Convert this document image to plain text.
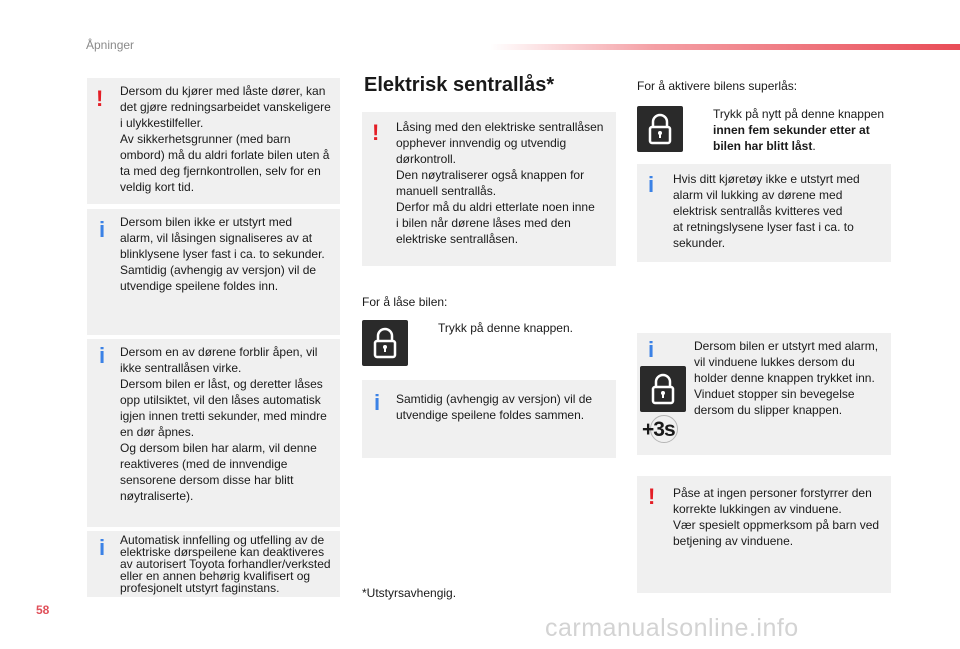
Åpninger
! Dersom du kjører med låste dører, kan
det gjøre redningsarbeidet vanskeligere
i ulykkestilfeller.
Av sikkerhetsgrunner (med barn
ombord) må du aldri forlate bilen uten å
ta med deg fjernkontrollen, selv for en
veldig kort tid.
i Dersom bilen ikke er utstyrt med
alarm, vil låsingen signaliseres av at
blinklysene lyser fast i ca. to sekunder.
Samtidig (avhengig av versjon) vil de
utvendige speilene foldes inn.
i Dersom en av dørene forblir åpen, vil
ikke sentrallåsen virke.
Dersom bilen er låst, og deretter låses
opp utilsiktet, vil den låses automatisk
igjen innen tretti sekunder, med mindre
en dør åpnes.
Og dersom bilen har alarm, vil denne
reaktiveres (med de innvendige
sensorene dersom disse har blitt
nøytraliserte).
i Automatisk innfelling og utfelling av de
elektriske dørspeilene kan deaktiveres
av autorisert Toyota forhandler/verksted
eller en annen behørig kvalifisert og
profesjonelt utstyrt faginstans.
Elektrisk sentrallås*
! Låsing med den elektriske sentrallåsen
opphever innvendig og utvendig
dørkontroll.
Den nøytraliserer også knappen for
manuell sentrallås.
Derfor må du aldri etterlate noen inne
i bilen når dørene låses med den
elektriske sentrallåsen.
For å låse bilen:
Trykk på denne knappen.
i Samtidig (avhengig av versjon) vil de
utvendige speilene foldes sammen.
*Utstyrsavhengig.
For å aktivere bilens superlås:
Trykk på nytt på denne knappen
innen fem sekunder etter at
bilen har blitt låst.
i Hvis ditt kjøretøy ikke e utstyrt med
alarm vil lukking av dørene med
elektrisk sentrallås kvitteres ved
at retningslysene lyser fast i ca. to
sekunder.
i	Dersom bilen er utstyrt med alarm,
vil vinduene lukkes dersom du
holder denne knappen trykket inn.
Vinduet stopper sin bevegelse
dersom du slipper knappen.
+3s
! Påse at ingen personer forstyrrer den
korrekte lukkingen av vinduene.
Vær spesielt oppmerksom på barn ved
betjening av vinduene.
58
carmanualsonline.info
